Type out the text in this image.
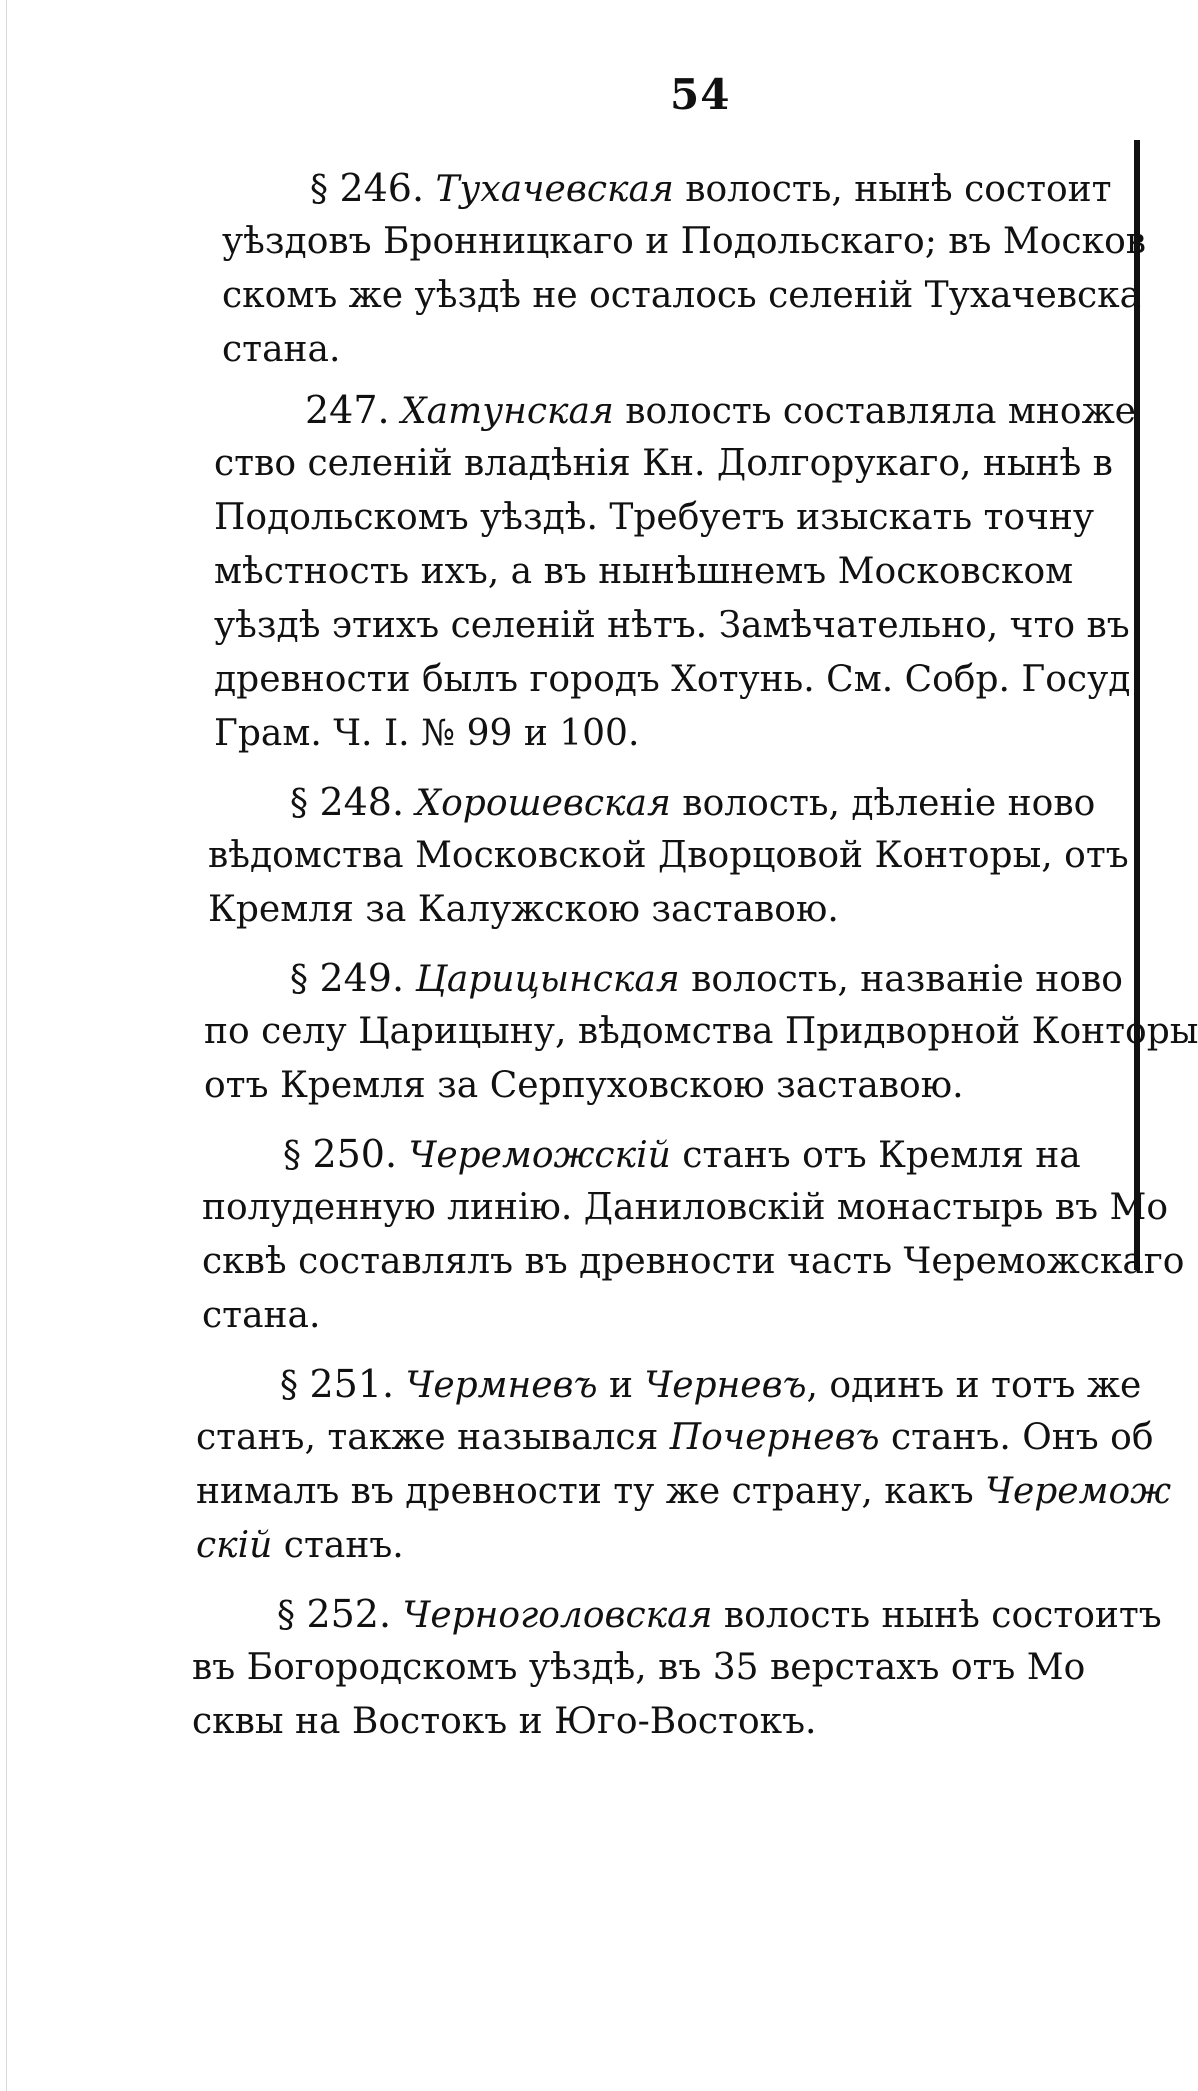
54
§ 246. Тухачевская волость, нынѣ состоит
уѣздовъ Бронницкаго и Подольскаго; въ Москов
скомъ же уѣздѣ не осталось селеній Тухачевска
стана.
247. Хатунская волость составляла множе
ство селеній владѣнія Кн. Долгорукаго, нынѣ в
Подольскомъ уѣздѣ. Требуетъ изыскать точну
мѣстность ихъ, а въ нынѣшнемъ Московском
уѣздѣ этихъ селеній нѣтъ. Замѣчательно, что въ
древности былъ городъ Хотунь. См. Собр. Госуд
Грам. Ч. I. № 99 и 100.
§ 248. Хорошевская волость, дѣленіе ново
вѣдомства Московской Дворцовой Конторы, отъ
Кремля за Калужскою заставою.
§ 249. Царицынская волость, названіе ново
по селу Царицыну, вѣдомства Придворной Конторы
отъ Кремля за Серпуховскою заставою.
§ 250. Череможскій станъ отъ Кремля на
полуденную линію. Даниловскій монастырь въ Мо
сквѣ составлялъ въ древности часть Череможскаго
стана.
§ 251. Чермневъ и Черневъ, одинъ и тотъ же
станъ, также назывался Почерневъ станъ. Онъ об
нималъ въ древности ту же страну, какъ Черемож
скій станъ.
§ 252. Черноголовская волость нынѣ состоитъ
въ Богородскомъ уѣздѣ, въ 35 верстахъ отъ Мо
сквы на Востокъ и Юго-Востокъ.
